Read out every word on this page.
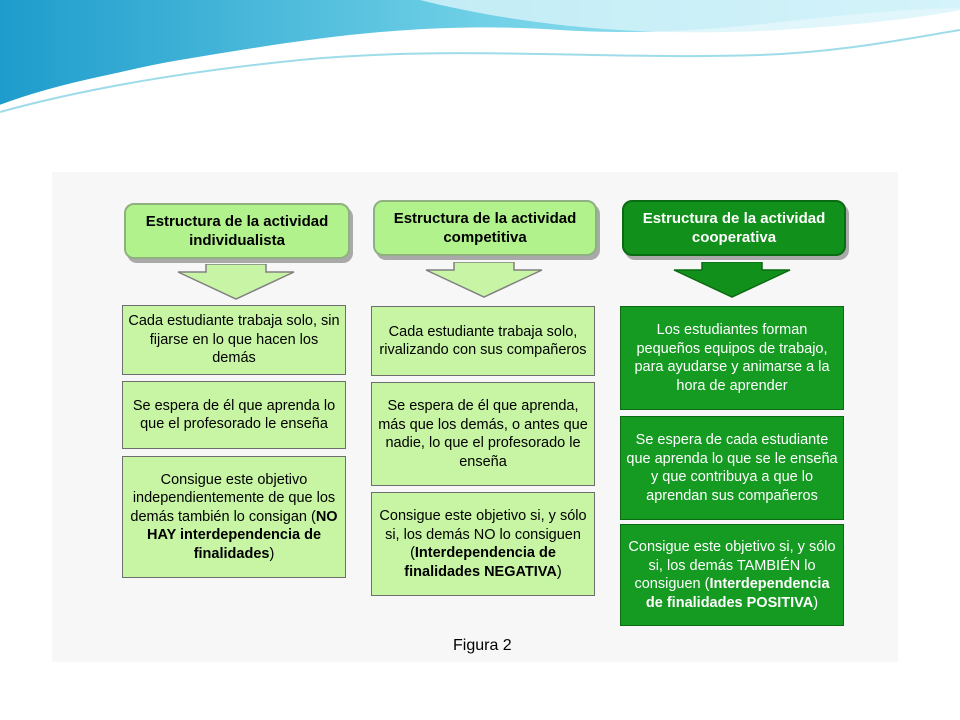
Estructura de la actividad individualista
Cada estudiante trabaja solo, sin fijarse en lo que hacen los demás
Se espera de él que aprenda lo que el profesorado le enseña
Consigue este objetivo independientemente de que los demás también lo consigan (NO HAY interdependencia de finalidades)
Estructura de la actividad competitiva
Cada estudiante trabaja solo, rivalizando con sus compañeros
Se espera de él que aprenda, más que los demás, o antes que nadie, lo que el profesorado le enseña
Consigue este objetivo si, y sólo si, los demás NO lo consiguen (Interdependencia de finalidades NEGATIVA)
Estructura de la actividad cooperativa
Los estudiantes forman pequeños equipos de trabajo, para ayudarse y animarse a la hora de aprender
Se espera de cada estudiante que aprenda lo que se le enseña y que contribuya a que lo aprendan sus compañeros
Consigue este objetivo si, y sólo si, los demás TAMBIÉN lo consiguen (Interdependencia de finalidades POSITIVA)
Figura 2
